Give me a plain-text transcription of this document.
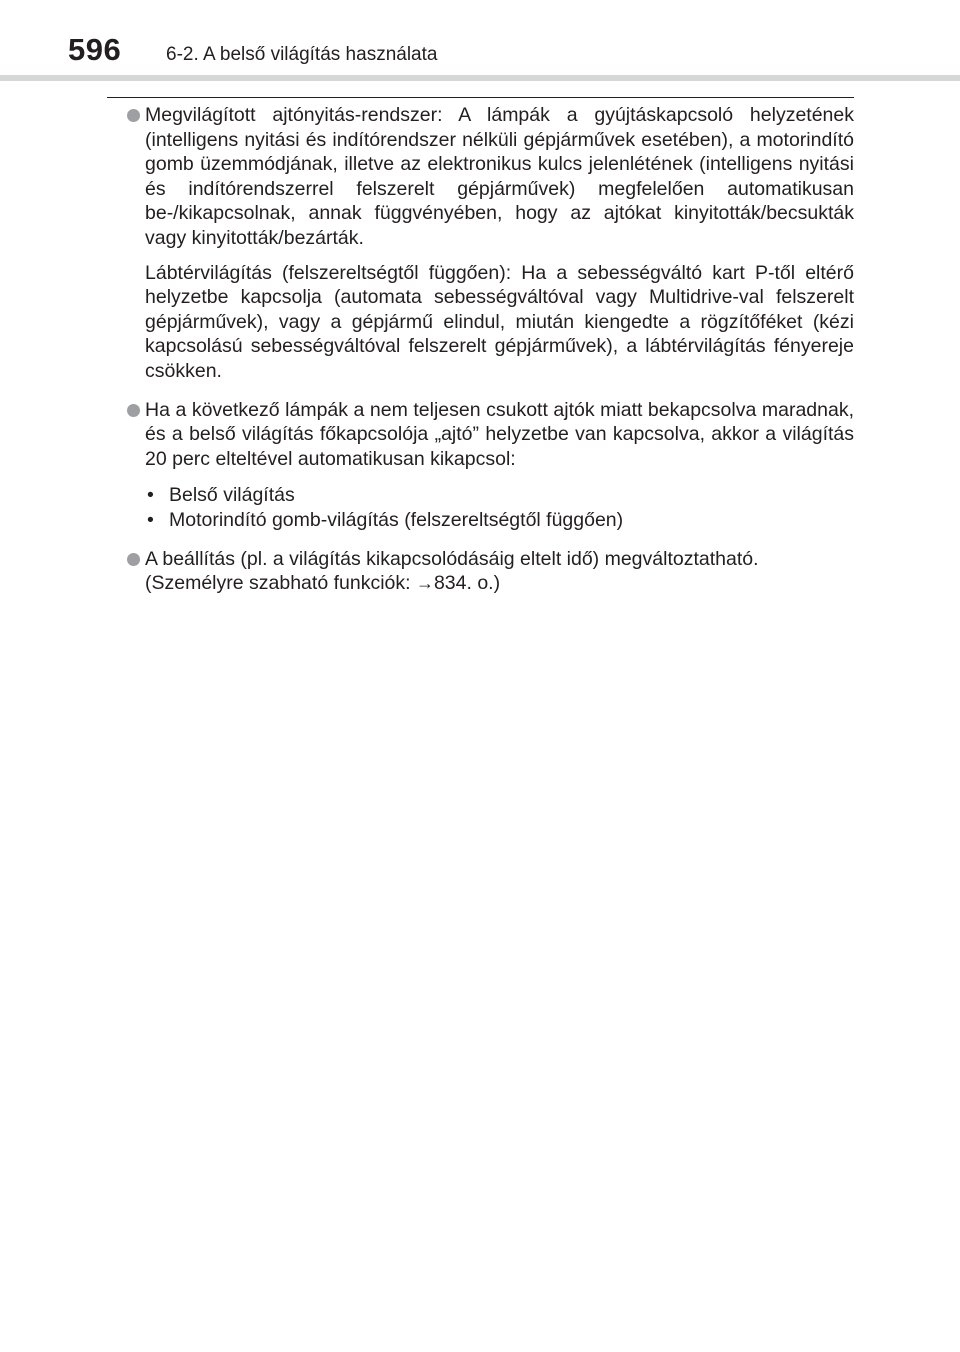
596 6-2. A belső világítás használata

Megvilágított ajtónyitás-rendszer: A lámpák a gyújtáskapcsoló helyzetének (intelligens nyitási és indítórendszer nélküli gépjárművek esetében), a motorindító gomb üzemmódjának, illetve az elektronikus kulcs jelenlétének (intelligens nyitási és indítórendszerrel felszerelt gépjárművek) megfelelően automatikusan be-/kikapcsolnak, annak függvényében, hogy az ajtókat kinyitották/becsukták vagy kinyitották/bezárták.

Lábtérvilágítás (felszereltségtől függően): Ha a sebességváltó kart P-től eltérő helyzetbe kapcsolja (automata sebességváltóval vagy Multidrive-val felszerelt gépjárművek), vagy a gépjármű elindul, miután kiengedte a rögzítőféket (kézi kapcsolású sebességváltóval felszerelt gépjárművek), a lábtérvilágítás fényereje csökken.

Ha a következő lámpák a nem teljesen csukott ajtók miatt bekapcsolva maradnak, és a belső világítás főkapcsolója „ajtó” helyzetbe van kapcsolva, akkor a világítás 20 perc elteltével automatikusan kikapcsol:

• Belső világítás
• Motorindító gomb-világítás (felszereltségtől függően)

A beállítás (pl. a világítás kikapcsolódásáig eltelt idő) megváltoztatható.
(Személyre szabható funkciók: →834. o.)
